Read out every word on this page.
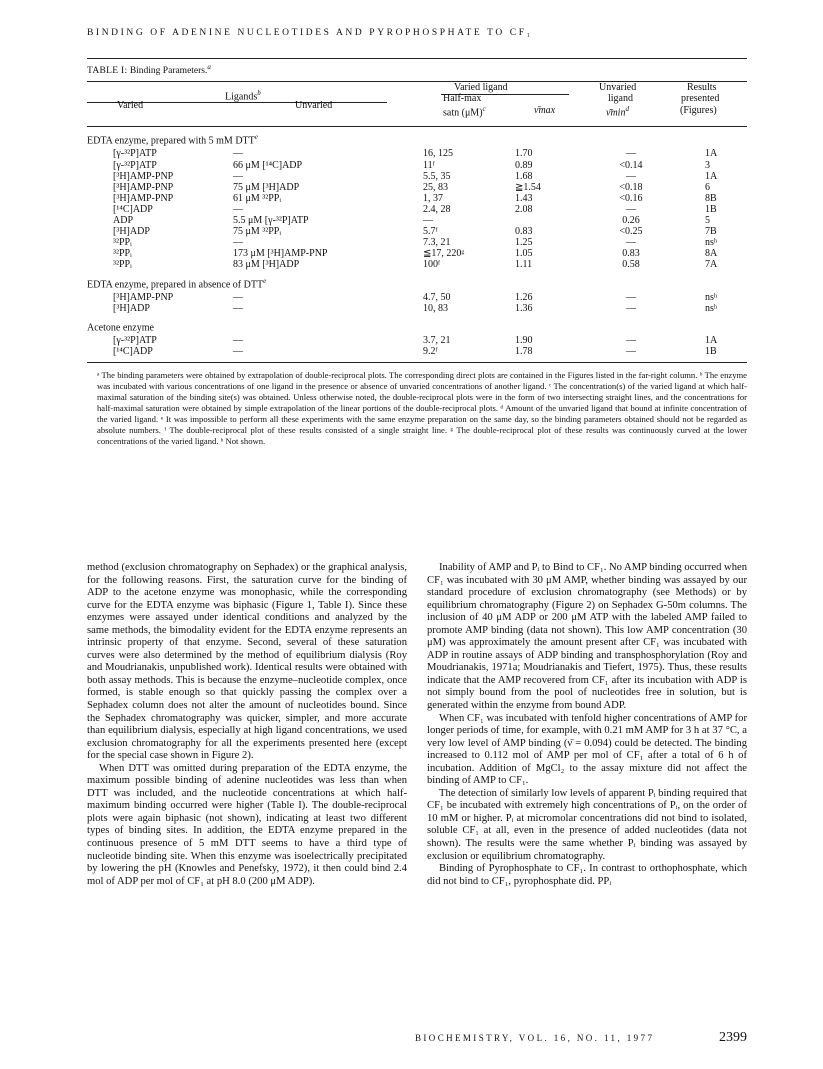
BINDING OF ADENINE NUCLEOTIDES AND PYROPHOSPHATE TO CF₁
TABLE I: Binding Parameters.$^a$
Ligands$^b$
Varied	Unvaried
Varied ligand
Half-max
satn $(\mu M)^c$	ν̄max
Unvaried
ligand
$\nū\min^d$
Results
presented
(Figures)
EDTA enzyme, prepared with 5 mM DTT$^e$
[γ-³²P]ATP	—	16, 125	1.70	—	1A
[γ-³²P]ATP	66 μM [¹⁴C]ADP	11ᶠ	0.89	<0.14	3
[³H]AMP-PNP	—	5.5, 35	1.68	—	1A
[³H]AMP-PNP	75 μM [³H]ADP	25, 83	≧1.54	<0.18	6
[³H]AMP-PNP	61 μM ³²PPᵢ	1, 37	1.43	<0.16	8B
[¹⁴C]ADP	—	2.4, 28	2.08	—	1B
ADP	5.5 μM [γ-³²P]ATP	—		0.26	5
[³H]ADP	75 μM ³²PPᵢ	5.7ᶠ	0.83	<0.25	7B
³²PPᵢ	—	7.3, 21	1.25	—	nsʰ
³²PPᵢ	173 μM [³H]AMP-PNP	≦17, 220ᵍ	1.05	0.83	8A
³²PPᵢ	83 μM [³H]ADP	100ᶠ	1.11	0.58	7A
EDTA enzyme, prepared in absence of DTT$^e$
[³H]AMP-PNP	—	4.7, 50	1.26	—	nsʰ
[³H]ADP	—	10, 83	1.36	—	nsʰ
Acetone enzyme
[γ-³²P]ATP	—	3.7, 21	1.90	—	1A
[¹⁴C]ADP	—	9.2ᶠ	1.78	—	1B
ᵃ The binding parameters were obtained by extrapolation of double-reciprocal plots. The corresponding direct plots are contained in the Figures listed in the far-right column. ᵇ The enzyme was incubated with various concentrations of one ligand in the presence or absence of unvaried concentrations of another ligand. ᶜ The concentration(s) of the varied ligand at which half-maximal saturation of the binding site(s) was obtained. Unless otherwise noted, the double-reciprocal plots were in the form of two intersecting straight lines, and the concentrations for half-maximal saturation were obtained by simple extrapolation of the linear portions of the double-reciprocal plots. ᵈ Amount of the unvaried ligand that bound at infinite concentration of the varied ligand. ᵉ It was impossible to perform all these experiments with the same enzyme preparation on the same day, so the binding parameters obtained should not be regarded as absolute numbers. ᶠ The double-reciprocal plot of these results consisted of a single straight line. ᵍ The double-reciprocal plot of these results was continuously curved at the lower concentrations of the varied ligand. ʰ Not shown.

method (exclusion chromatography on Sephadex) or the graphical analysis, for the following reasons. First, the saturation curve for the binding of ADP to the acetone enzyme was monophasic, while the corresponding curve for the EDTA enzyme was biphasic (Figure 1, Table I). Since these enzymes were assayed under identical conditions and analyzed by the same methods, the bimodality evident for the EDTA enzyme represents an intrinsic property of that enzyme. Second, several of these saturation curves were also determined by the method of equilibrium dialysis (Roy and Moudrianakis, unpublished work). Identical results were obtained with both assay methods. This is because the enzyme–nucleotide complex, once formed, is stable enough so that quickly passing the complex over a Sephadex column does not alter the amount of nucleotides bound. Since the Sephadex chromatography was quicker, simpler, and more accurate than equilibrium dialysis, especially at high ligand concentrations, we used exclusion chromatography for all the experiments presented here (except for the special case shown in Figure 2).

When DTT was omitted during preparation of the EDTA enzyme, the maximum possible binding of adenine nucleotides was less than when DTT was included, and the nucleotide concentrations at which half-maximum binding occurred were higher (Table I). The double-reciprocal plots were again biphasic (not shown), indicating at least two different types of binding sites. In addition, the EDTA enzyme prepared in the continuous presence of 5 mM DTT seems to have a third type of nucleotide binding site. When this enzyme was isoelectrically precipitated by lowering the pH (Knowles and Penefsky, 1972), it then could bind 2.4 mol of ADP per mol of CF₁ at pH 8.0 (200 μM ADP).

Inability of AMP and Pᵢ to Bind to CF₁. No AMP binding occurred when CF₁ was incubated with 30 μM AMP, whether binding was assayed by our standard procedure of exclusion chromatography (see Methods) or by equilibrium chromatography (Figure 2) on Sephadex G-50m columns. The inclusion of 40 μM ADP or 200 μM ATP with the labeled AMP failed to promote AMP binding (data not shown). This low AMP concentration (30 μM) was approximately the amount present after CF₁ was incubated with ADP in routine assays of ADP binding and transphosphorylation (Roy and Moudrianakis, 1971a; Moudrianakis and Tiefert, 1975). Thus, these results indicate that the AMP recovered from CF₁ after its incubation with ADP is not simply bound from the pool of nucleotides free in solution, but is generated within the enzyme from bound ADP.

When CF₁ was incubated with tenfold higher concentrations of AMP for longer periods of time, for example, with 0.21 mM AMP for 3 h at 37 °C, a very low level of AMP binding (ν̄ = 0.094) could be detected. The binding increased to 0.112 mol of AMP per mol of CF₁ after a total of 6 h of incubation. Addition of MgCl₂ to the assay mixture did not affect the binding of AMP to CF₁.

The detection of similarly low levels of apparent Pᵢ binding required that CF₁ be incubated with extremely high concentrations of Pᵢ, on the order of 10 mM or higher. Pᵢ at micromolar concentrations did not bind to isolated, soluble CF₁ at all, even in the presence of added nucleotides (data not shown). The results were the same whether Pᵢ binding was assayed by exclusion or equilibrium chromatography.

Binding of Pyrophosphate to CF₁. In contrast to orthophosphate, which did not bind to CF₁, pyrophosphate did. PPᵢ

BIOCHEMISTRY, VOL. 16, NO. 11, 1977	2399
